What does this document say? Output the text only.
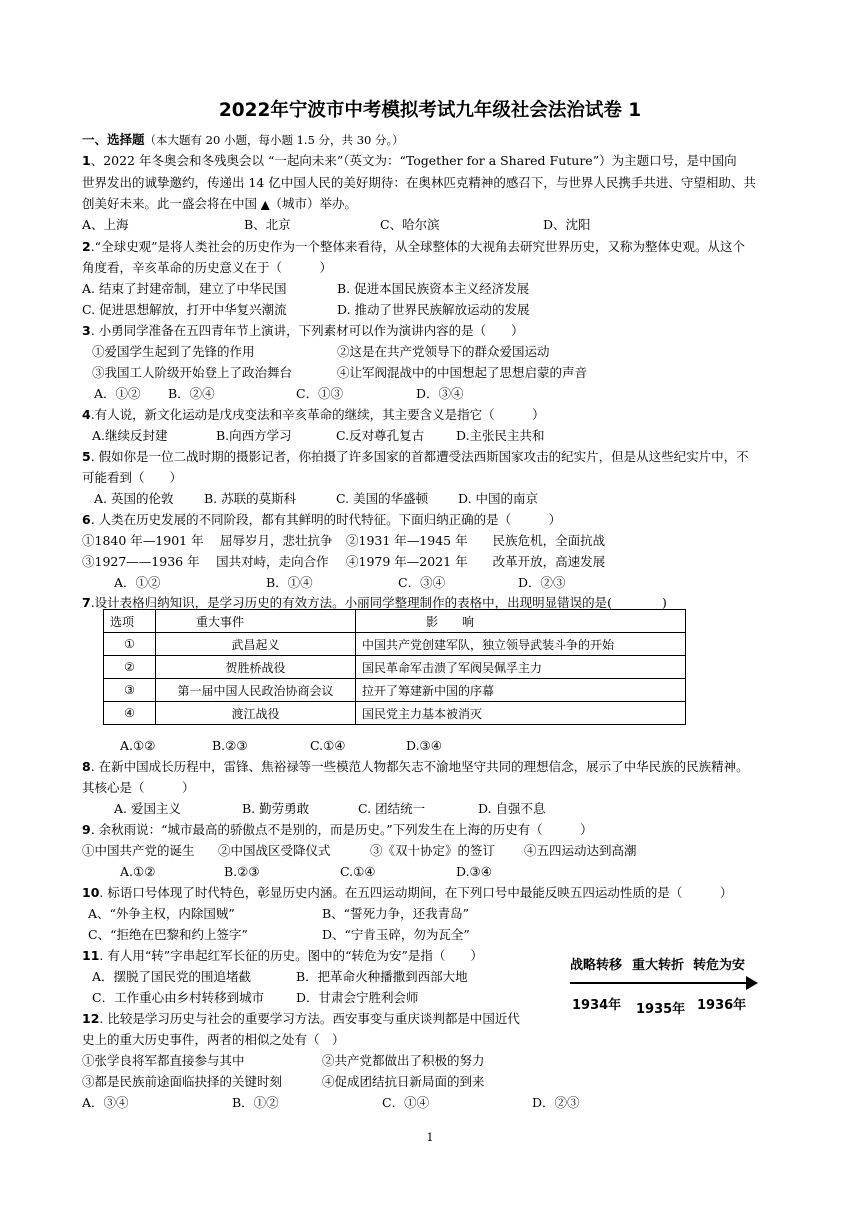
2022年宁波市中考模拟考试九年级社会法治试卷 1
一、选择题（本大题有 20 小题，每小题 1.5 分，共 30 分。）
1、2022 年冬奥会和冬残奥会以 “一起向未来”（英文为：“Together for a Shared Future”）为主题口号，是中国向
世界发出的诚挚邀约，传递出 14 亿中国人民的美好期待：在奥林匹克精神的感召下，与世界人民携手共进、守望相助、共
创美好未来。此一盛会将在中国 ▲（城市）举办。
A、上海	B、北京	C、哈尔滨	D、沈阳
2.“全球史观”是将人类社会的历史作为一个整体来看待，从全球整体的大视角去研究世界历史，又称为整体史观。从这个
角度看，辛亥革命的历史意义在于（　　　）
A. 结束了封建帝制，建立了中华民国	B. 促进本国民族资本主义经济发展
C. 促进思想解放，打开中华复兴潮流	D. 推动了世界民族解放运动的发展
3. 小勇同学准备在五四青年节上演讲，下列素材可以作为演讲内容的是（　　）
①爱国学生起到了先锋的作用	②这是在共产党领导下的群众爱国运动
③我国工人阶级开始登上了政治舞台	④让军阀混战中的中国想起了思想启蒙的声音
A．①② B．②④	C．①③	D．③④
4.有人说，新文化运动是戊戌变法和辛亥革命的继续，其主要含义是指它（　　　）
A.继续反封建	B.向西方学习	C.反对尊孔复古	D.主张民主共和
5. 假如你是一位二战时期的摄影记者，你拍摄了许多国家的首都遭受法西斯国家攻击的纪实片，但是从这些纪实片中，不
可能看到（　　）
A. 英国的伦敦 B. 苏联的莫斯科	C. 美国的华盛顿 D. 中国的南京
6. 人类在历史发展的不同阶段，都有其鲜明的时代特征。下面归纳正确的是（　　　）
①1840 年—1901 年　 屈辱岁月，悲壮抗争 ②1931 年—1945 年　　民族危机，全面抗战
③1927——1936 年　 国共对峙，走向合作 ④1979 年—2021 年　　改革开放，高速发展
A．①②	B．①④	C．③④	D．②③
7.设计表格归纳知识，是学习历史的有效方法。小丽同学整理制作的表格中，出现明显错误的是(　　　　)
选项	重大事件	影　　响
①	武昌起义	中国共产党创建军队，独立领导武装斗争的开始
②	贺胜桥战役	国民革命军击溃了军阀吴佩孚主力
③	第一届中国人民政治协商会议	拉开了筹建新中国的序幕
④	渡江战役	国民党主力基本被消灭
A.①②	B.②③	C.①④	D.③④
8. 在新中国成长历程中，雷锋、焦裕禄等一些模范人物都矢志不渝地坚守共同的理想信念，展示了中华民族的民族精神。
其核心是（　　　）
A. 爱国主义	B. 勤劳勇敢	C. 团结统一	D. 自强不息
9. 余秋雨说：“城市最高的骄傲点不是别的，而是历史。”下列发生在上海的历史有（　　　）
①中国共产党的诞生 ②中国战区受降仪式	③《双十协定》的签订 ④五四运动达到高潮
A.①②	B.②③	C.①④	D.③④
10. 标语口号体现了时代特色，彰显历史内涵。在五四运动期间，在下列口号中最能反映五四运动性质的是（　　　）
A、“外争主权，内除国贼”	B、“誓死力争，还我青岛”
C、“拒绝在巴黎和约上签字”	D、“宁肯玉碎，勿为瓦全”
11. 有人用“转”字串起红军长征的历史。图中的“转危为安”是指（　　）
A．摆脱了国民党的围追堵截	B．把革命火种播撒到西部大地
C．工作重心由乡村转移到城市	D．甘肃会宁胜利会师
战略转移 重大转折 转危为安
1934年 1935年 1936年
12. 比较是学习历史与社会的重要学习方法。西安事变与重庆谈判都是中国近代
史上的重大历史事件，两者的相似之处有（　）
①张学良将军都直接参与其中	②共产党都做出了积极的努力
③都是民族前途面临抉择的关键时刻	④促成团结抗日新局面的到来
A．③④	B．①②	C．①④	D．②③
1
